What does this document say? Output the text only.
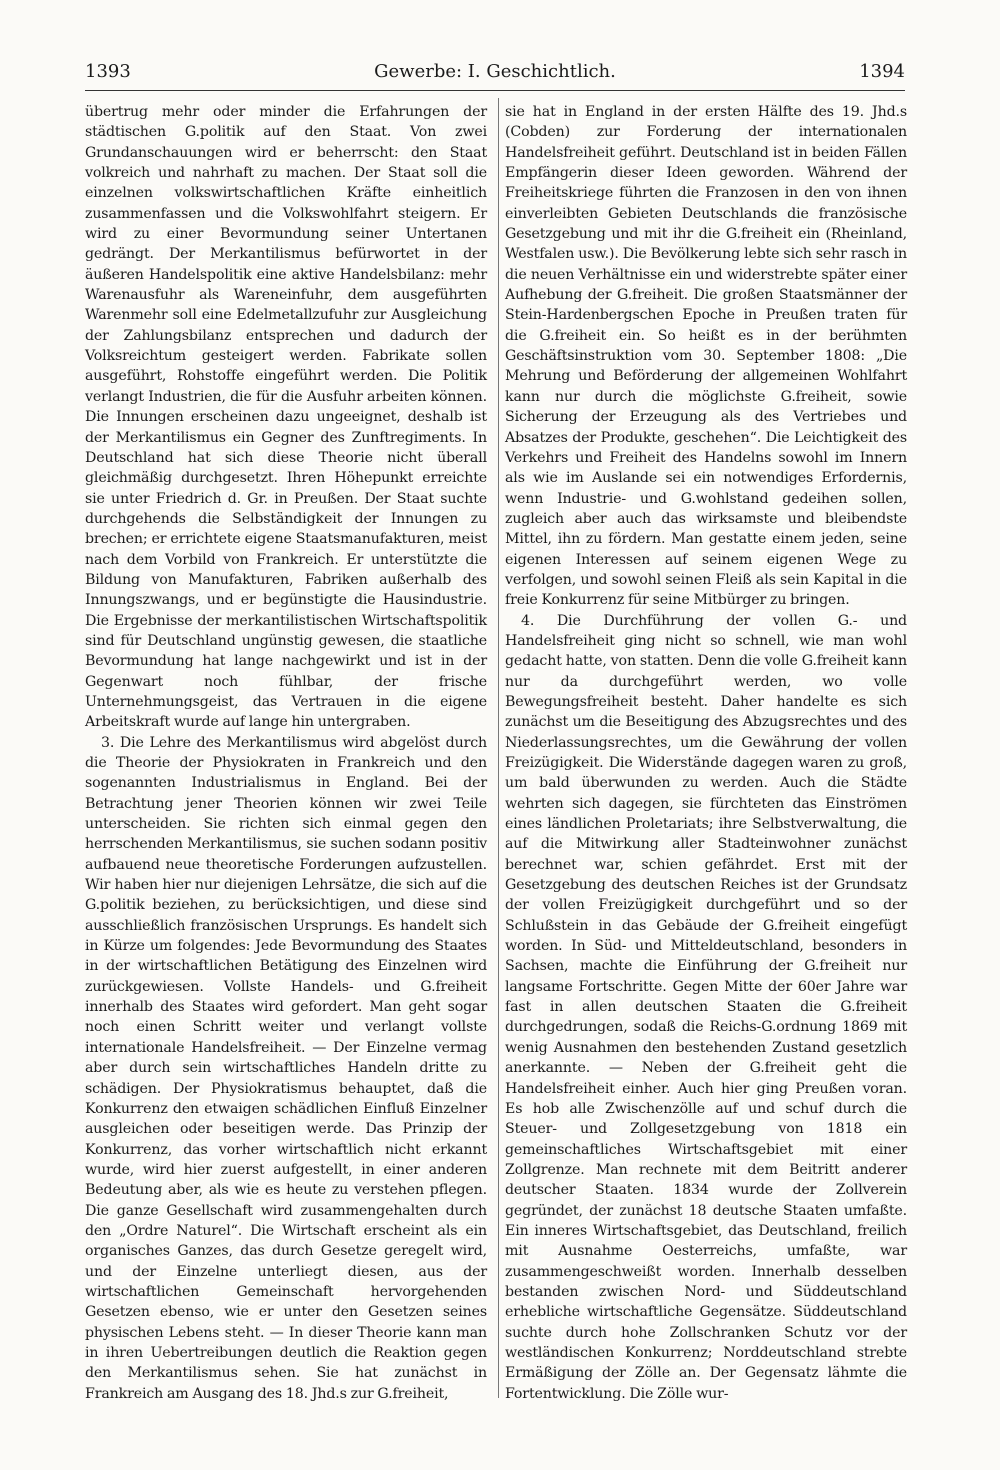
1393	Gewerbe: I. Geschichtlich.	1394

übertrug mehr oder minder die Erfahrungen der städtischen G.politik auf den Staat. Von zwei Grundanschauungen wird er beherrscht: den Staat volkreich und nahrhaft zu machen. Der Staat soll die einzelnen volkswirtschaftlichen Kräfte einheitlich zusammenfassen und die Volkswohlfahrt steigern. Er wird zu einer Bevormundung seiner Untertanen gedrängt. Der Merkantilismus befürwortet in der äußeren Handelspolitik eine aktive Handelsbilanz: mehr Warenausfuhr als Wareneinfuhr, dem ausgeführten Warenmehr soll eine Edelmetallzufuhr zur Ausgleichung der Zahlungsbilanz entsprechen und dadurch der Volksreichtum gesteigert werden. Fabrikate sollen ausgeführt, Rohstoffe eingeführt werden. Die Politik verlangt Industrien, die für die Ausfuhr arbeiten können. Die Innungen erscheinen dazu ungeeignet, deshalb ist der Merkantilismus ein Gegner des Zunftregiments. In Deutschland hat sich diese Theorie nicht überall gleichmäßig durchgesetzt. Ihren Höhepunkt erreichte sie unter Friedrich d. Gr. in Preußen. Der Staat suchte durchgehends die Selbständigkeit der Innungen zu brechen; er errichtete eigene Staatsmanufakturen, meist nach dem Vorbild von Frankreich. Er unterstützte die Bildung von Manufakturen, Fabriken außerhalb des Innungszwangs, und er begünstigte die Hausindustrie. Die Ergebnisse der merkantilistischen Wirtschaftspolitik sind für Deutschland ungünstig gewesen, die staatliche Bevormundung hat lange nachgewirkt und ist in der Gegenwart noch fühlbar, der frische Unternehmungsgeist, das Vertrauen in die eigene Arbeitskraft wurde auf lange hin untergraben.

3. Die Lehre des Merkantilismus wird abgelöst durch die Theorie der Physiokraten in Frankreich und den sogenannten Industrialismus in England. Bei der Betrachtung jener Theorien können wir zwei Teile unterscheiden. Sie richten sich einmal gegen den herrschenden Merkantilismus, sie suchen sodann positiv aufbauend neue theoretische Forderungen aufzustellen. Wir haben hier nur diejenigen Lehrsätze, die sich auf die G.politik beziehen, zu berücksichtigen, und diese sind ausschließlich französischen Ursprungs. Es handelt sich in Kürze um folgendes: Jede Bevormundung des Staates in der wirtschaftlichen Betätigung des Einzelnen wird zurückgewiesen. Vollste Handels- und G.freiheit innerhalb des Staates wird gefordert. Man geht sogar noch einen Schritt weiter und verlangt vollste internationale Handelsfreiheit. — Der Einzelne vermag aber durch sein wirtschaftliches Handeln dritte zu schädigen. Der Physiokratismus behauptet, daß die Konkurrenz den etwaigen schädlichen Einfluß Einzelner ausgleichen oder beseitigen werde. Das Prinzip der Konkurrenz, das vorher wirtschaftlich nicht erkannt wurde, wird hier zuerst aufgestellt, in einer anderen Bedeutung aber, als wie es heute zu verstehen pflegen. Die ganze Gesellschaft wird zusammengehalten durch den „Ordre Naturel“. Die Wirtschaft erscheint als ein organisches Ganzes, das durch Gesetze geregelt wird, und der Einzelne unterliegt diesen, aus der wirtschaftlichen Gemeinschaft hervorgehenden Gesetzen ebenso, wie er unter den Gesetzen seines physischen Lebens steht. — In dieser Theorie kann man in ihren Uebertreibungen deutlich die Reaktion gegen den Merkantilismus sehen. Sie hat zunächst in Frankreich am Ausgang des 18. Jhd.s zur G.freiheit,

sie hat in England in der ersten Hälfte des 19. Jhd.s (Cobden) zur Forderung der internationalen Handelsfreiheit geführt. Deutschland ist in beiden Fällen Empfängerin dieser Ideen geworden. Während der Freiheitskriege führten die Franzosen in den von ihnen einverleibten Gebieten Deutschlands die französische Gesetzgebung und mit ihr die G.freiheit ein (Rheinland, Westfalen usw.). Die Bevölkerung lebte sich sehr rasch in die neuen Verhältnisse ein und widerstrebte später einer Aufhebung der G.freiheit. Die großen Staatsmänner der Stein-Hardenbergschen Epoche in Preußen traten für die G.freiheit ein. So heißt es in der berühmten Geschäftsinstruktion vom 30. September 1808: „Die Mehrung und Beförderung der allgemeinen Wohlfahrt kann nur durch die möglichste G.freiheit, sowie Sicherung der Erzeugung als des Vertriebes und Absatzes der Produkte, geschehen“. Die Leichtigkeit des Verkehrs und Freiheit des Handelns sowohl im Innern als wie im Auslande sei ein notwendiges Erfordernis, wenn Industrie- und G.wohlstand gedeihen sollen, zugleich aber auch das wirksamste und bleibendste Mittel, ihn zu fördern. Man gestatte einem jeden, seine eigenen Interessen auf seinem eigenen Wege zu verfolgen, und sowohl seinen Fleiß als sein Kapital in die freie Konkurrenz für seine Mitbürger zu bringen.

4. Die Durchführung der vollen G.- und Handelsfreiheit ging nicht so schnell, wie man wohl gedacht hatte, von statten. Denn die volle G.freiheit kann nur da durchgeführt werden, wo volle Bewegungsfreiheit besteht. Daher handelte es sich zunächst um die Beseitigung des Abzugsrechtes und des Niederlassungsrechtes, um die Gewährung der vollen Freizügigkeit. Die Widerstände dagegen waren zu groß, um bald überwunden zu werden. Auch die Städte wehrten sich dagegen, sie fürchteten das Einströmen eines ländlichen Proletariats; ihre Selbstverwaltung, die auf die Mitwirkung aller Stadteinwohner zunächst berechnet war, schien gefährdet. Erst mit der Gesetzgebung des deutschen Reiches ist der Grundsatz der vollen Freizügigkeit durchgeführt und so der Schlußstein in das Gebäude der G.freiheit eingefügt worden. In Süd- und Mitteldeutschland, besonders in Sachsen, machte die Einführung der G.freiheit nur langsame Fortschritte. Gegen Mitte der 60er Jahre war fast in allen deutschen Staaten die G.freiheit durchgedrungen, sodaß die Reichs-G.ordnung 1869 mit wenig Ausnahmen den bestehenden Zustand gesetzlich anerkannte. — Neben der G.freiheit geht die Handelsfreiheit einher. Auch hier ging Preußen voran. Es hob alle Zwischenzölle auf und schuf durch die Steuer- und Zollgesetzgebung von 1818 ein gemeinschaftliches Wirtschaftsgebiet mit einer Zollgrenze. Man rechnete mit dem Beitritt anderer deutscher Staaten. 1834 wurde der Zollverein gegründet, der zunächst 18 deutsche Staaten umfaßte. Ein inneres Wirtschaftsgebiet, das Deutschland, freilich mit Ausnahme Oesterreichs, umfaßte, war zusammengeschweißt worden. Innerhalb desselben bestanden zwischen Nord- und Süddeutschland erhebliche wirtschaftliche Gegensätze. Süddeutschland suchte durch hohe Zollschranken Schutz vor der westländischen Konkurrenz; Norddeutschland strebte Ermäßigung der Zölle an. Der Gegensatz lähmte die Fortentwicklung. Die Zölle wur-
